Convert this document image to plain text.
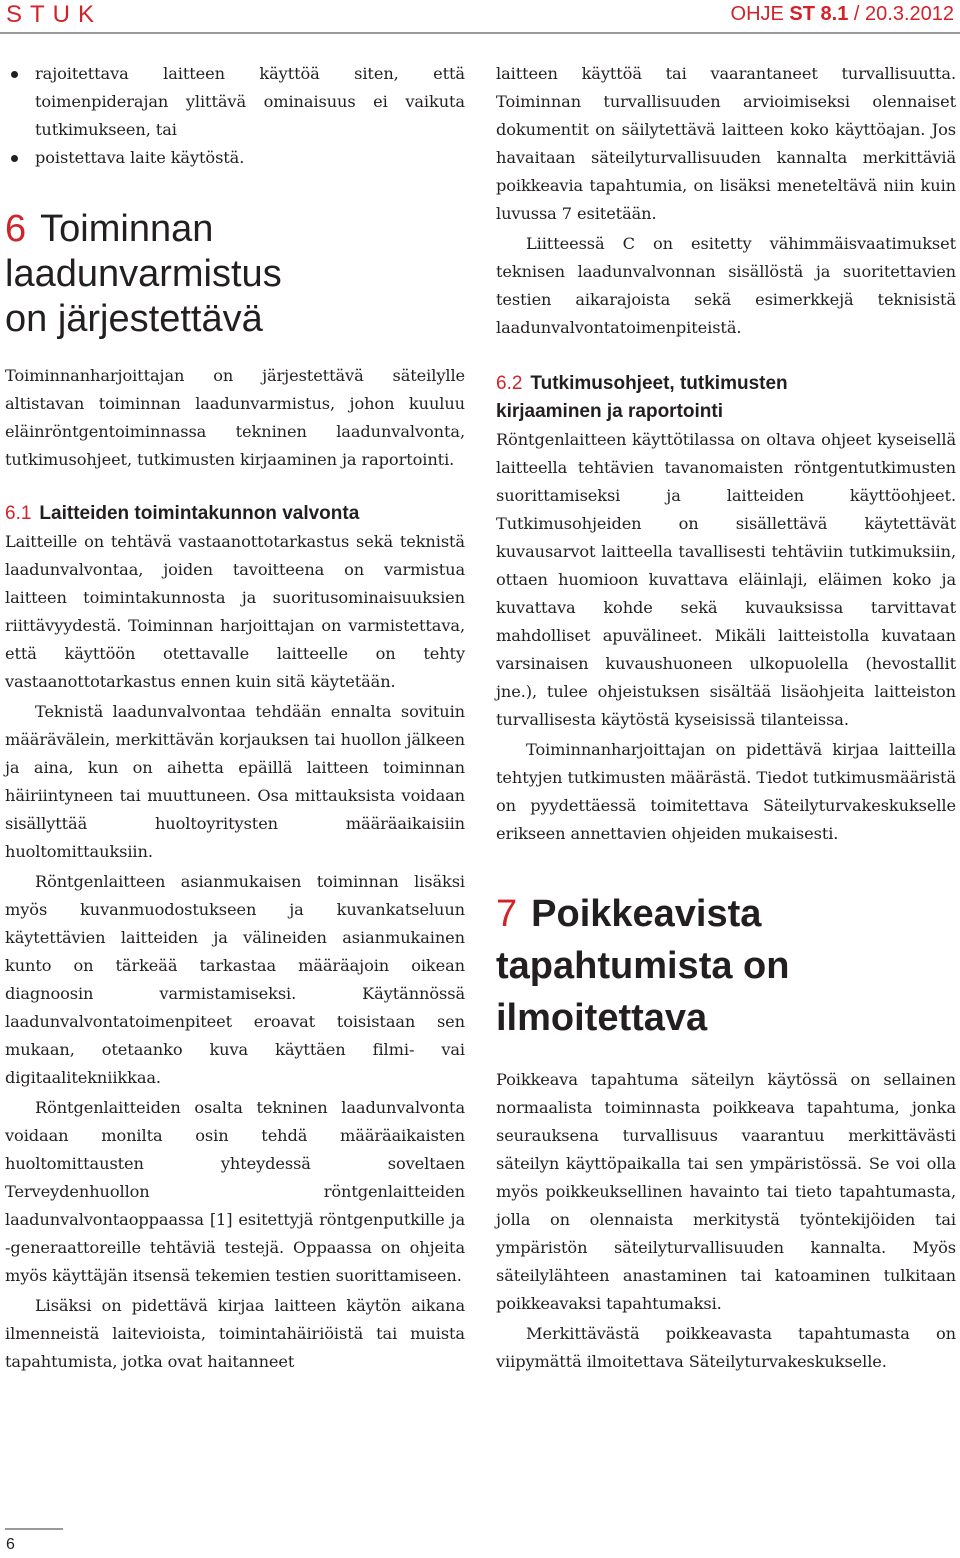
STUK	OHJE ST 8.1 / 20.3.2012
rajoitettava laitteen käyttöä siten, että toimenpiderajan ylittävä ominaisuus ei vaikuta tutkimukseen, tai
poistettava laite käytöstä.
6 Toiminnan
laadunvarmistus
on järjestettävä

Toiminnanharjoittajan on järjestettävä säteilylle altistavan toiminnan laadunvarmistus, johon kuuluu eläinröntgentoiminnassa tekninen laadunvalvonta, tutkimusohjeet, tutkimusten kirjaaminen ja raportointi.

6.1 Laitteiden toimintakunnon valvonta

Laitteille on tehtävä vastaanottotarkastus sekä teknistä laadunvalvontaa, joiden tavoitteena on varmistua laitteen toimintakunnosta ja suoritusominaisuuksien riittävyydestä. Toiminnan harjoittajan on varmistettava, että käyttöön otettavalle laitteelle on tehty vastaanottotarkastus ennen kuin sitä käytetään.

Teknistä laadunvalvontaa tehdään ennalta sovituin määrävälein, merkittävän korjauksen tai huollon jälkeen ja aina, kun on aihetta epäillä laitteen toiminnan häiriintyneen tai muuttuneen. Osa mittauksista voidaan sisällyttää huoltoyritysten määräaikaisiin huoltomittauksiin.

Röntgenlaitteen asianmukaisen toiminnan lisäksi myös kuvanmuodostukseen ja kuvankatseluun käytettävien laitteiden ja välineiden asianmukainen kunto on tärkeää tarkastaa määräajoin oikean diagnoosin varmistamiseksi. Käytännössä laadunvalvontatoimenpiteet eroavat toisistaan sen mukaan, otetaanko kuva käyttäen filmi- vai digitaalitekniikkaa.

Röntgenlaitteiden osalta tekninen laadunvalvonta voidaan monilta osin tehdä määräaikaisten huoltomittausten yhteydessä soveltaen Terveydenhuollon röntgenlaitteiden laadunvalvontaoppaassa [1] esitettyjä röntgenputkille ja -generaattoreille tehtäviä testejä. Oppaassa on ohjeita myös käyttäjän itsensä tekemien testien suorittamiseen.

Lisäksi on pidettävä kirjaa laitteen käytön aikana ilmenneistä laitevioista, toimintahäiriöistä tai muista tapahtumista, jotka ovat haitanneet

laitteen käyttöä tai vaarantaneet turvallisuutta. Toiminnan turvallisuuden arvioimiseksi olennaiset dokumentit on säilytettävä laitteen koko käyttöajan. Jos havaitaan säteilyturvallisuuden kannalta merkittäviä poikkeavia tapahtumia, on lisäksi meneteltävä niin kuin luvussa 7 esitetään.

Liitteessä C on esitetty vähimmäisvaatimukset teknisen laadunvalvonnan sisällöstä ja suoritettavien testien aikarajoista sekä esimerkkejä teknisistä laadunvalvontatoimenpiteistä.

6.2 Tutkimusohjeet, tutkimusten
kirjaaminen ja raportointi

Röntgenlaitteen käyttötilassa on oltava ohjeet kyseisellä laitteella tehtävien tavanomaisten röntgentutkimusten suorittamiseksi ja laitteiden käyttöohjeet. Tutkimusohjeiden on sisällettävä käytettävät kuvausarvot laitteella tavallisesti tehtäviin tutkimuksiin, ottaen huomioon kuvattava eläinlaji, eläimen koko ja kuvattava kohde sekä kuvauksissa tarvittavat mahdolliset apuvälineet. Mikäli laitteistolla kuvataan varsinaisen kuvaushuoneen ulkopuolella (hevostallit jne.), tulee ohjeistuksen sisältää lisäohjeita laitteiston turvallisesta käytöstä kyseisissä tilanteissa.

Toiminnanharjoittajan on pidettävä kirjaa laitteilla tehtyjen tutkimusten määrästä. Tiedot tutkimusmääristä on pyydettäessä toimitettava Säteilyturvakeskukselle erikseen annettavien ohjeiden mukaisesti.

7 Poikkeavista
tapahtumista on
ilmoitettava

Poikkeava tapahtuma säteilyn käytössä on sellainen normaalista toiminnasta poikkeava tapahtuma, jonka seurauksena turvallisuus vaarantuu merkittävästi säteilyn käyttöpaikalla tai sen ympäristössä. Se voi olla myös poikkeuksellinen havainto tai tieto tapahtumasta, jolla on olennaista merkitystä työntekijöiden tai ympäristön säteilyturvallisuuden kannalta. Myös säteilylähteen anastaminen tai katoaminen tulkitaan poikkeavaksi tapahtumaksi.

Merkittävästä poikkeavasta tapahtumasta on viipymättä ilmoitettava Säteilyturvakeskukselle.

6
